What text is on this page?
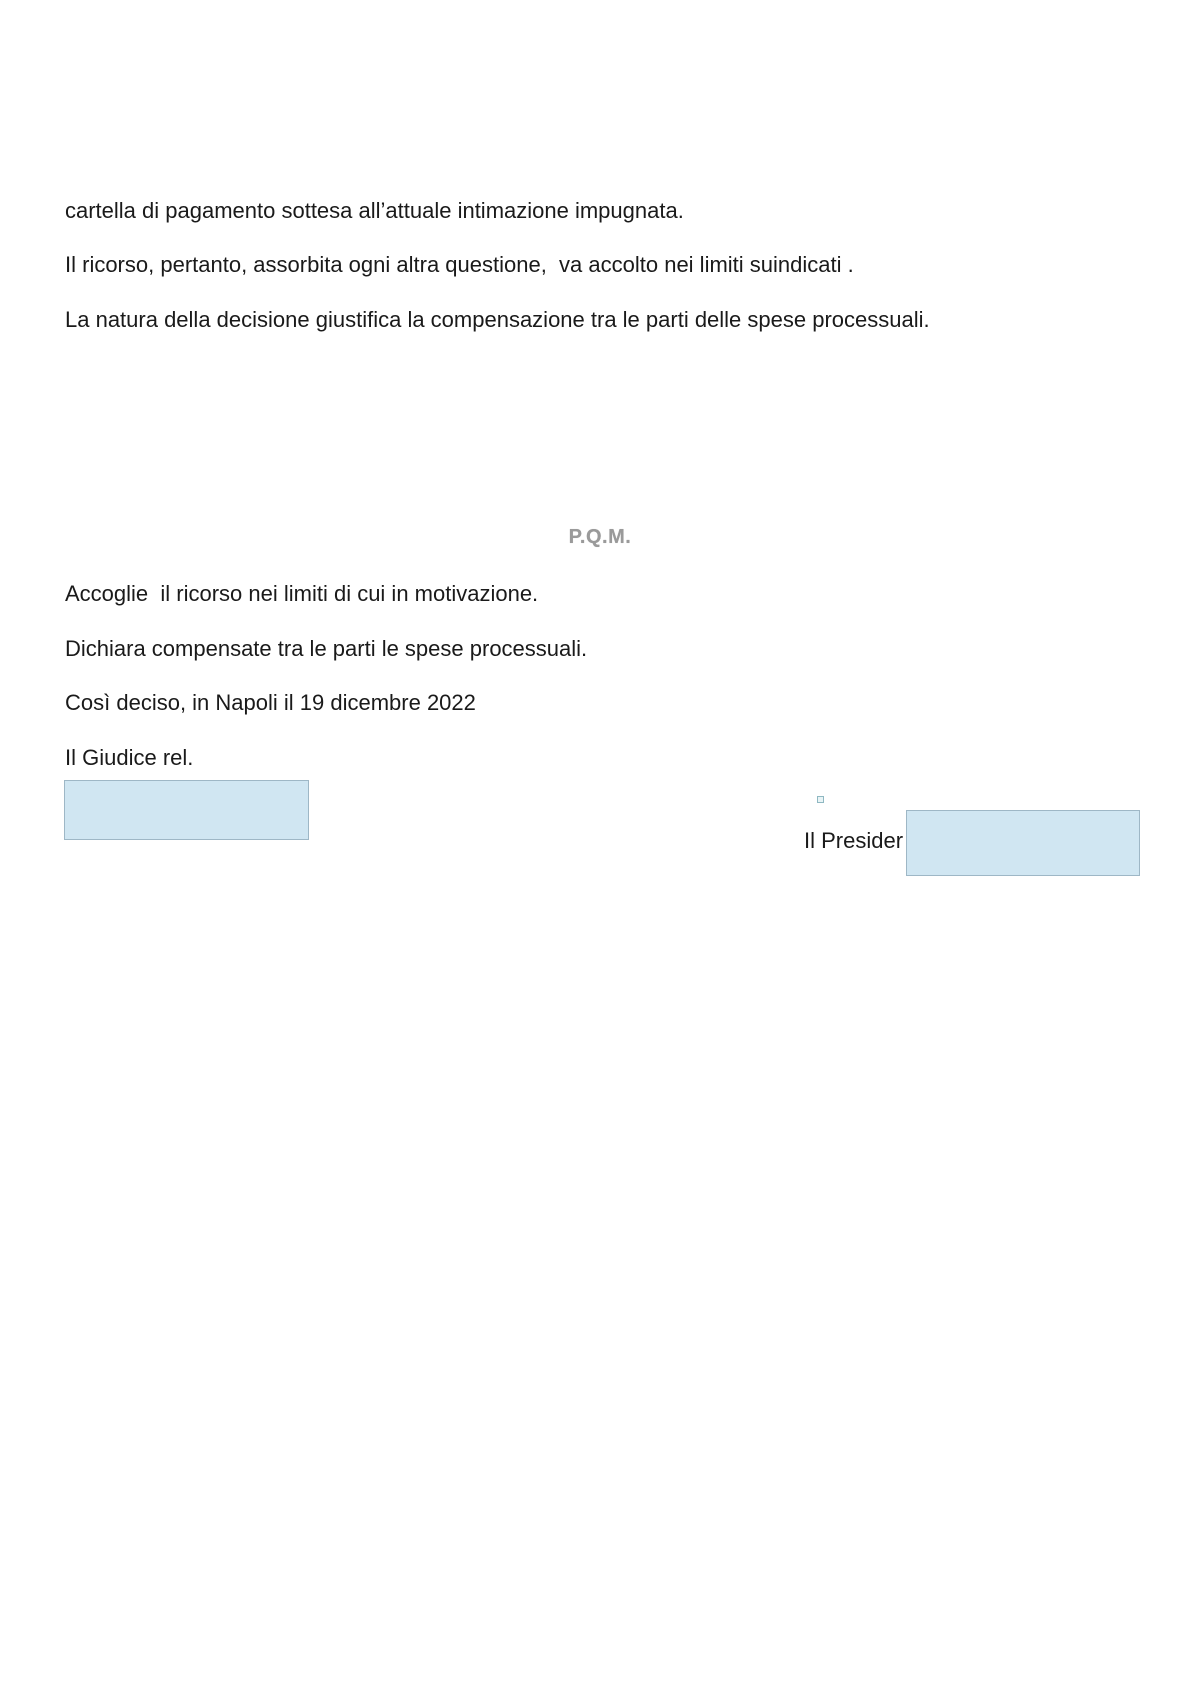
cartella di pagamento sottesa all’attuale intimazione impugnata.
Il ricorso, pertanto, assorbita ogni altra questione,  va accolto nei limiti suindicati .
La natura della decisione giustifica la compensazione tra le parti delle spese processuali.
P.Q.M.
Accoglie  il ricorso nei limiti di cui in motivazione.
Dichiara compensate tra le parti le spese processuali.
Così deciso, in Napoli il 19 dicembre 2022
Il Giudice rel.
Il Presider
